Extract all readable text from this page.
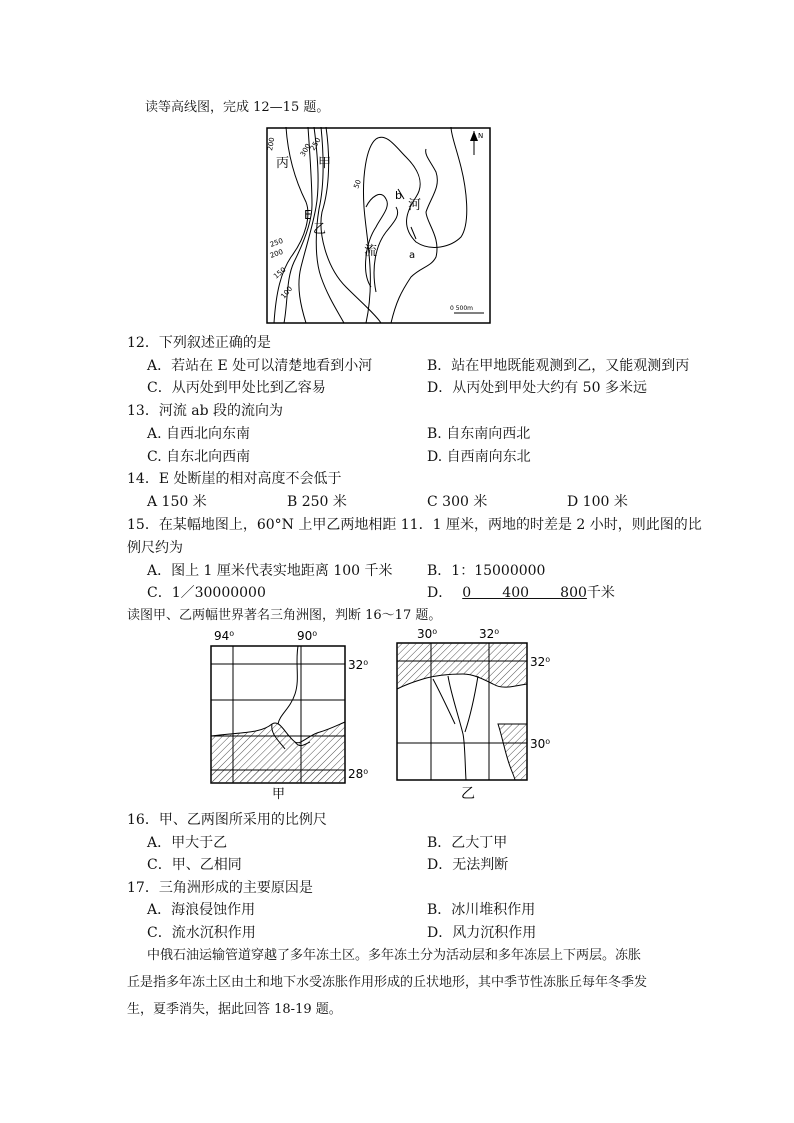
读等高线图，完成 12—15 题。
N
丙 甲
E
乙
b
河
流	a
200	300
250
50
250
200
150
100
0 500m
12．下列叙述正确的是
A．若站在 E 处可以清楚地看到小河	B．站在甲地既能观测到乙，又能观测到丙
C．从丙处到甲处比到乙容易	D．从丙处到甲处大约有 50 多米远
13．河流 ab 段的流向为
A. 自西北向东南	B. 自东南向西北
C. 自东北向西南	D. 自西南向东北
14．E 处断崖的相对高度不会低于
A 150 米	B 250 米	C 300 米	D 100 米
15．在某幅地图上，60°N 上甲乙两地相距 11．1 厘米，两地的时差是 2 小时，则此图的比
例尺约为
A．图上 1 厘米代表实地距离 100 千米 B．1：15000000
C．1／30000000	D． 0       400       800千米
读图甲、乙两幅世界著名三角洲图，判断 16～17 题。
94⁰	90⁰
32⁰
28⁰
甲
30⁰	32⁰
32⁰
30⁰
乙
16．甲、乙两图所采用的比例尺
A．甲大于乙	B．乙大丁甲
C．甲、乙相同	D．无法判断
17．三角洲形成的主要原因是
A．海浪侵蚀作用	B．冰川堆积作用
C．流水沉积作用	D．风力沉积作用
中俄石油运输管道穿越了多年冻土区。多年冻土分为活动层和多年冻层上下两层。冻胀
丘是指多年冻土区由土和地下水受冻胀作用形成的丘状地形，其中季节性冻胀丘每年冬季发
生，夏季消失，据此回答 18-19 题。
